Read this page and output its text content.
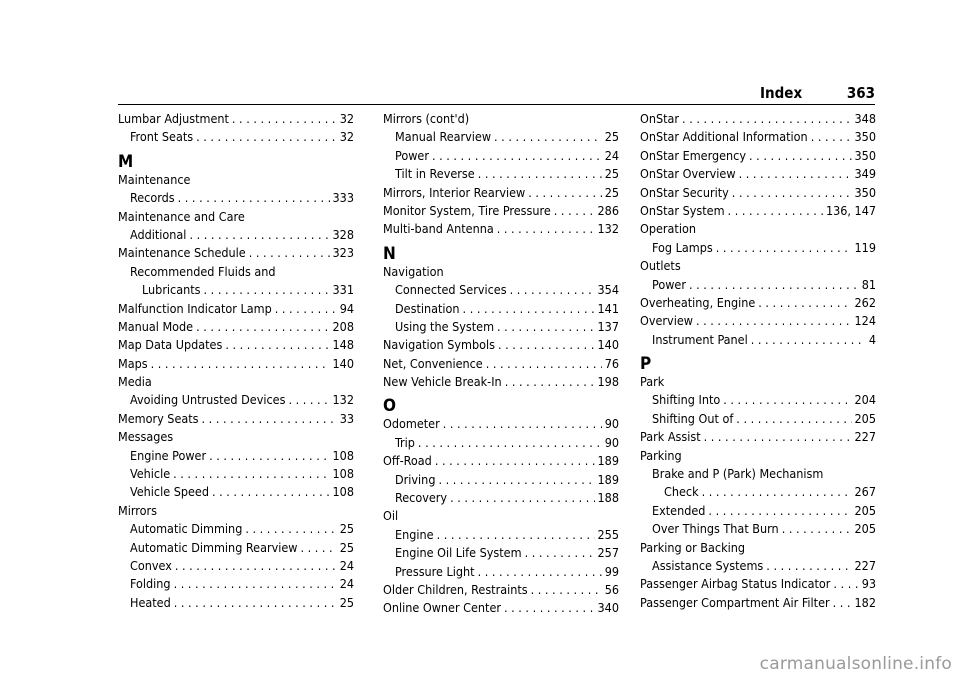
Index	363
Lumbar Adjustment . . .	32
Front Seats . . .	32
M
Maintenance
Records . . .	333
Maintenance and Care
Additional . . .	328
Maintenance Schedule . . .	323
Recommended Fluids and
Lubricants . . .	331
Malfunction Indicator Lamp . . .	94
Manual Mode . . .	208
Map Data Updates . . .	148
Maps . . .	140
Media
Avoiding Untrusted Devices . . .	132
Memory Seats . . .	33
Messages
Engine Power . . .	108
Vehicle . . .	108
Vehicle Speed . . .	108
Mirrors
Automatic Dimming . . .	25
Automatic Dimming Rearview . . .	25
Convex . . .	24
Folding . . .	24
Heated . . .	25
Mirrors (cont'd)
Manual Rearview . . .	25
Power . . .	24
Tilt in Reverse . . .	25
Mirrors, Interior Rearview . . .	25
Monitor System, Tire Pressure . . .	286
Multi-band Antenna . . .	132
N
Navigation
Connected Services . . .	354
Destination . . .	141
Using the System . . .	137
Navigation Symbols . . .	140
Net, Convenience . . .	76
New Vehicle Break-In . . .	198
O
Odometer . . .	90
Trip . . .	90
Off-Road . . .	189
Driving . . .	189
Recovery . . .	188
Oil
Engine . . .	255
Engine Oil Life System . . .	257
Pressure Light . . .	99
Older Children, Restraints . . .	56
Online Owner Center . . .	340
OnStar . . .	348
OnStar Additional Information . . .	350
OnStar Emergency . . .	350
OnStar Overview . . .	349
OnStar Security . . .	350
OnStar System . . .	136, 147
Operation
Fog Lamps . . .	119
Outlets
Power . . .	81
Overheating, Engine . . .	262
Overview . . .	124
Instrument Panel . . .	4
P
Park
Shifting Into . . .	204
Shifting Out of . . .	205
Park Assist . . .	227
Parking
Brake and P (Park) Mechanism
Check . . .	267
Extended . . .	205
Over Things That Burn . . .	205
Parking or Backing
Assistance Systems . . .	227
Passenger Airbag Status Indicator . . .	93
Passenger Compartment Air Filter . . . 182
carmanualsonline.info
